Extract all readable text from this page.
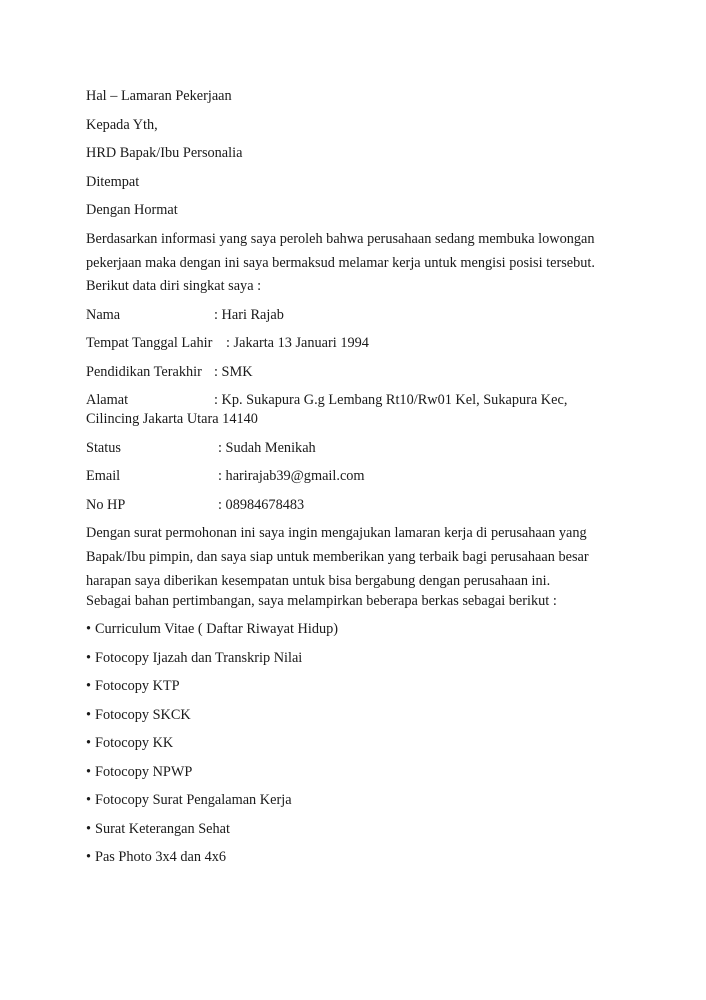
Hal – Lamaran Pekerjaan

Kepada Yth,

HRD Bapak/Ibu Personalia

Ditempat

Dengan Hormat

Berdasarkan informasi yang saya peroleh bahwa perusahaan sedang membuka lowongan
pekerjaan maka dengan ini saya bermaksud melamar kerja untuk mengisi posisi tersebut.

Berikut data diri singkat saya :

Nama	: Hari Rajab
Tempat Tanggal Lahir : Jakarta 13 Januari 1994
Pendidikan Terakhir : SMK
Alamat	: Kp. Sukapura G.g Lembang Rt10/Rw01 Kel, Sukapura Kec,
Cilincing Jakarta Utara 14140
Status	: Sudah Menikah
Email	: harirajab39@gmail.com
No HP	: 08984678483
Dengan surat permohonan ini saya ingin mengajukan lamaran kerja di perusahaan yang
Bapak/Ibu pimpin, dan saya siap untuk memberikan yang terbaik bagi perusahaan besar
harapan saya diberikan kesempatan untuk bisa bergabung dengan perusahaan ini.

Sebagai bahan pertimbangan, saya melampirkan beberapa berkas sebagai berikut :

• Curriculum Vitae ( Daftar Riwayat Hidup)
• Fotocopy Ijazah dan Transkrip Nilai
• Fotocopy KTP
• Fotocopy SKCK
• Fotocopy KK
• Fotocopy NPWP
• Fotocopy Surat Pengalaman Kerja
• Surat Keterangan Sehat
• Pas Photo 3x4 dan 4x6
